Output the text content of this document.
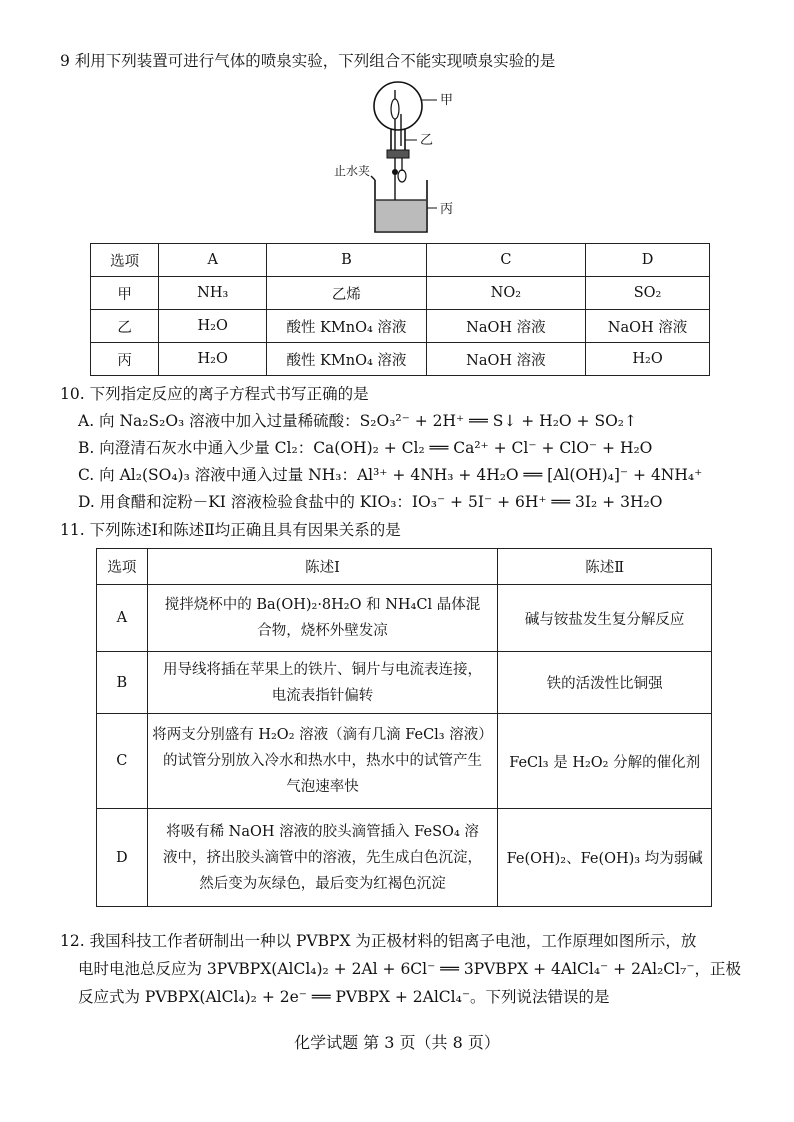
9 利用下列装置可进行气体的喷泉实验，下列组合不能实现喷泉实验的是
甲
乙
止水夹
丙
选项	A	B	C	D
甲	NH₃	乙烯	NO₂	SO₂
乙	H₂O	酸性 KMnO₄ 溶液	NaOH 溶液	NaOH 溶液
丙	H₂O	酸性 KMnO₄ 溶液	NaOH 溶液	H₂O
10. 下列指定反应的离子方程式书写正确的是
A. 向 Na₂S₂O₃ 溶液中加入过量稀硫酸：S₂O₃²⁻ + 2H⁺ ══ S↓ + H₂O + SO₂↑
B. 向澄清石灰水中通入少量 Cl₂：Ca(OH)₂ + Cl₂ ══ Ca²⁺ + Cl⁻ + ClO⁻ + H₂O
C. 向 Al₂(SO₄)₃ 溶液中通入过量 NH₃：Al³⁺ + 4NH₃ + 4H₂O ══ [Al(OH)₄]⁻ + 4NH₄⁺
D. 用食醋和淀粉－KI 溶液检验食盐中的 KIO₃：IO₃⁻ + 5I⁻ + 6H⁺ ══ 3I₂ + 3H₂O
11. 下列陈述Ⅰ和陈述Ⅱ均正确且具有因果关系的是
选项	陈述Ⅰ	陈述Ⅱ
A	搅拌烧杯中的 Ba(OH)₂·8H₂O 和 NH₄Cl 晶体混
合物，烧杯外壁发凉	碱与铵盐发生复分解反应
B	用导线将插在苹果上的铁片、铜片与电流表连接，
电流表指针偏转	铁的活泼性比铜强
C	将两支分别盛有 H₂O₂ 溶液（滴有几滴 FeCl₃ 溶液）
的试管分别放入冷水和热水中，热水中的试管产生
气泡速率快	FeCl₃ 是 H₂O₂ 分解的催化剂
D	将吸有稀 NaOH 溶液的胶头滴管插入 FeSO₄ 溶
液中，挤出胶头滴管中的溶液，先生成白色沉淀，
然后变为灰绿色，最后变为红褐色沉淀	Fe(OH)₂、Fe(OH)₃ 均为弱碱
12. 我国科技工作者研制出一种以 PVBPX 为正极材料的铝离子电池，工作原理如图所示，放
电时电池总反应为 3PVBPX(AlCl₄)₂ + 2Al + 6Cl⁻ ══ 3PVBPX + 4AlCl₄⁻ + 2Al₂Cl₇⁻，正极
反应式为 PVBPX(AlCl₄)₂ + 2e⁻ ══ PVBPX + 2AlCl₄⁻。下列说法错误的是
化学试题 第 3 页（共 8 页）
